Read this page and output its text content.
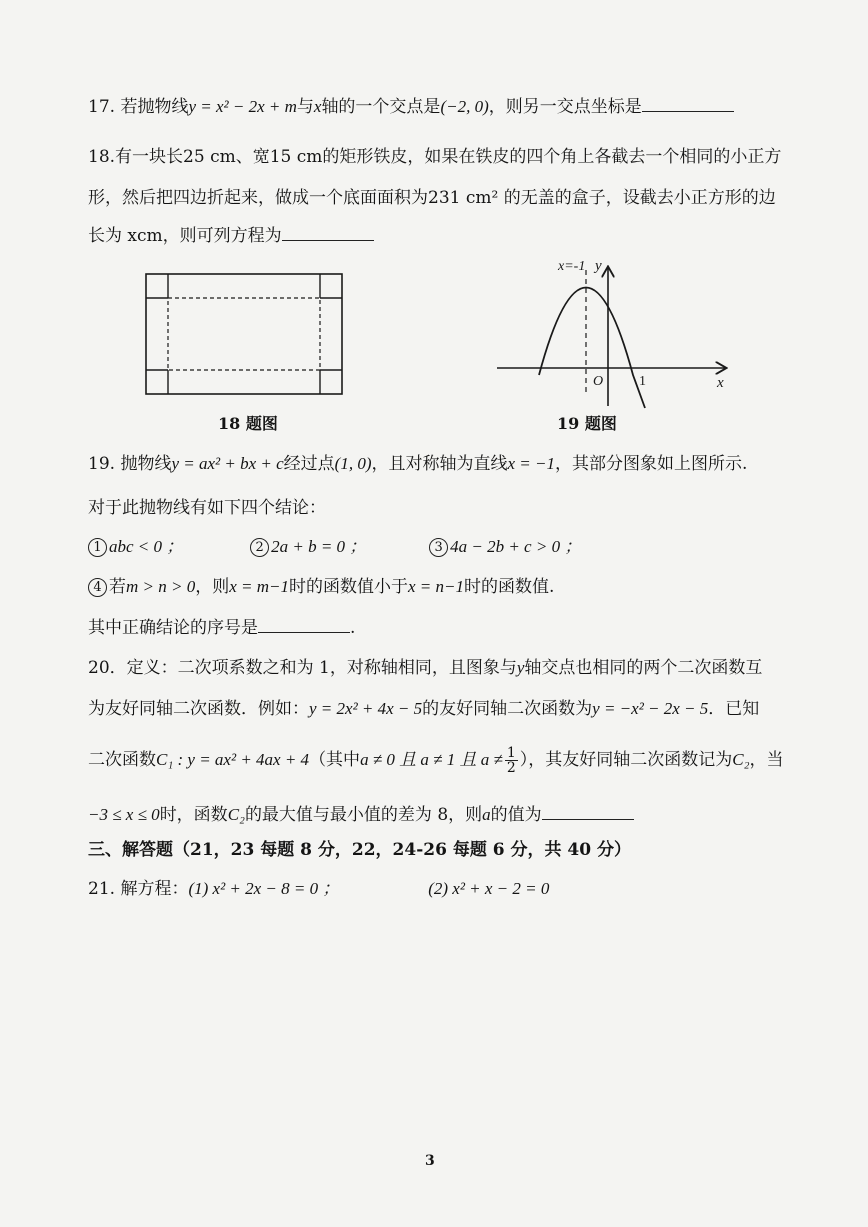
17. 若抛物线y = x² − 2x + m与x轴的一个交点是(−2, 0)，则另一交点坐标是
18.有一块长25 cm、宽15 cm的矩形铁皮，如果在铁皮的四个角上各截去一个相同的小正方
形，然后把四边折起来，做成一个底面面积为231 cm² 的无盖的盒子，设截去小正方形的边
长为 xcm，则可列方程为
18 题图
x=-1 y
x
O	1
19 题图
19. 抛物线y = ax² + bx + c经过点(1, 0)，且对称轴为直线x = −1，其部分图象如上图所示.
对于此抛物线有如下四个结论：
1 abc < 0 ；	2 2a + b = 0 ；	3 4a − 2b + c > 0 ；
4 若m > n > 0，则x = m−1时的函数值小于x = n−1时的函数值.
其中正确结论的序号是	.
20．定义：二次项系数之和为 1，对称轴相同，且图象与y轴交点也相同的两个二次函数互
为友好同轴二次函数．例如：y = 2x² + 4x − 5的友好同轴二次函数为y = −x² − 2x − 5．已知
二次函数C₁ : y = ax² + 4ax + 4（其中a ≠ 0 且 a ≠ 1 且 $a \ne \frac{1}{2}$ ），其友好同轴二次函数记为C₂，当
−3 ≤ x ≤ 0时，函数C₂的最大值与最小值的差为 8，则a的值为
三、解答题（21，23 每题 8 分，22，24-26 每题 6 分，共 40 分）
21. 解方程：(1) x² + 2x − 8 = 0 ；	(2) x² + x − 2 = 0
3
